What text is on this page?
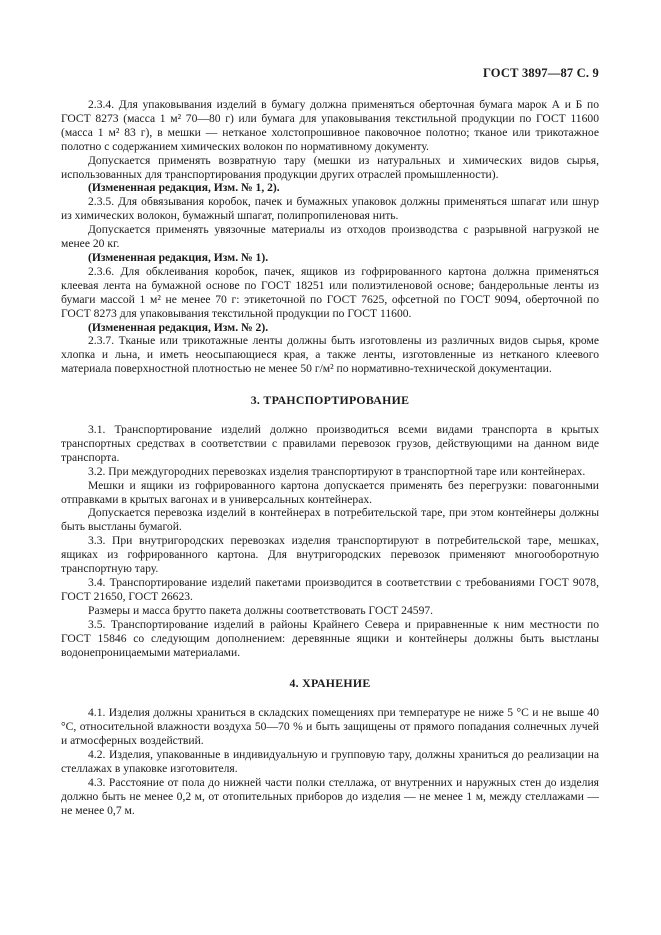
ГОСТ 3897—87 С. 9

2.3.4. Для упаковывания изделий в бумагу должна применяться оберточная бумага марок А и Б по ГОСТ 8273 (масса 1 м² 70—80 г) или бумага для упаковывания текстильной продукции по ГОСТ 11600 (масса 1 м² 83 г), в мешки — нетканое холстопрошивное паковочное полотно; тканое или трикотажное полотно с содержанием химических волокон по нормативному документу.

Допускается применять возвратную тару (мешки из натуральных и химических видов сырья, использованных для транспортирования продукции других отраслей промышленности).

(Измененная редакция, Изм. № 1, 2).

2.3.5. Для обвязывания коробок, пачек и бумажных упаковок должны применяться шпагат или шнур из химических волокон, бумажный шпагат, полипропиленовая нить.

Допускается применять увязочные материалы из отходов производства с разрывной нагрузкой не менее 20 кг.

(Измененная редакция, Изм. № 1).

2.3.6. Для обклеивания коробок, пачек, ящиков из гофрированного картона должна применяться клеевая лента на бумажной основе по ГОСТ 18251 или полиэтиленовой основе; бандерольные ленты из бумаги массой 1 м² не менее 70 г: этикеточной по ГОСТ 7625, офсетной по ГОСТ 9094, оберточной по ГОСТ 8273 для упаковывания текстильной продукции по ГОСТ 11600.

(Измененная редакция, Изм. № 2).

2.3.7. Тканые или трикотажные ленты должны быть изготовлены из различных видов сырья, кроме хлопка и льна, и иметь неосыпающиеся края, а также ленты, изготовленные из нетканого клеевого материала поверхностной плотностью не менее 50 г/м² по нормативно-технической документации.

3. ТРАНСПОРТИРОВАНИЕ

3.1. Транспортирование изделий должно производиться всеми видами транспорта в крытых транспортных средствах в соответствии с правилами перевозок грузов, действующими на данном виде транспорта.

3.2. При междугородних перевозках изделия транспортируют в транспортной таре или контейнерах.

Мешки и ящики из гофрированного картона допускается применять без перегрузки: повагонными отправками в крытых вагонах и в универсальных контейнерах.

Допускается перевозка изделий в контейнерах в потребительской таре, при этом контейнеры должны быть выстланы бумагой.

3.3. При внутригородских перевозках изделия транспортируют в потребительской таре, мешках, ящиках из гофрированного картона. Для внутригородских перевозок применяют многооборотную транспортную тару.

3.4. Транспортирование изделий пакетами производится в соответствии с требованиями ГОСТ 9078, ГОСТ 21650, ГОСТ 26623.

Размеры и масса брутто пакета должны соответствовать ГОСТ 24597.

3.5. Транспортирование изделий в районы Крайнего Севера и приравненные к ним местности по ГОСТ 15846 со следующим дополнением: деревянные ящики и контейнеры должны быть выстланы водонепроницаемыми материалами.

4. ХРАНЕНИЕ

4.1. Изделия должны храниться в складских помещениях при температуре не ниже 5 °С и не выше 40 °С, относительной влажности воздуха 50—70 % и быть защищены от прямого попадания солнечных лучей и атмосферных воздействий.

4.2. Изделия, упакованные в индивидуальную и групповую тару, должны храниться до реализации на стеллажах в упаковке изготовителя.

4.3. Расстояние от пола до нижней части полки стеллажа, от внутренних и наружных стен до изделия должно быть не менее 0,2 м, от отопительных приборов до изделия — не менее 1 м, между стеллажами — не менее 0,7 м.
